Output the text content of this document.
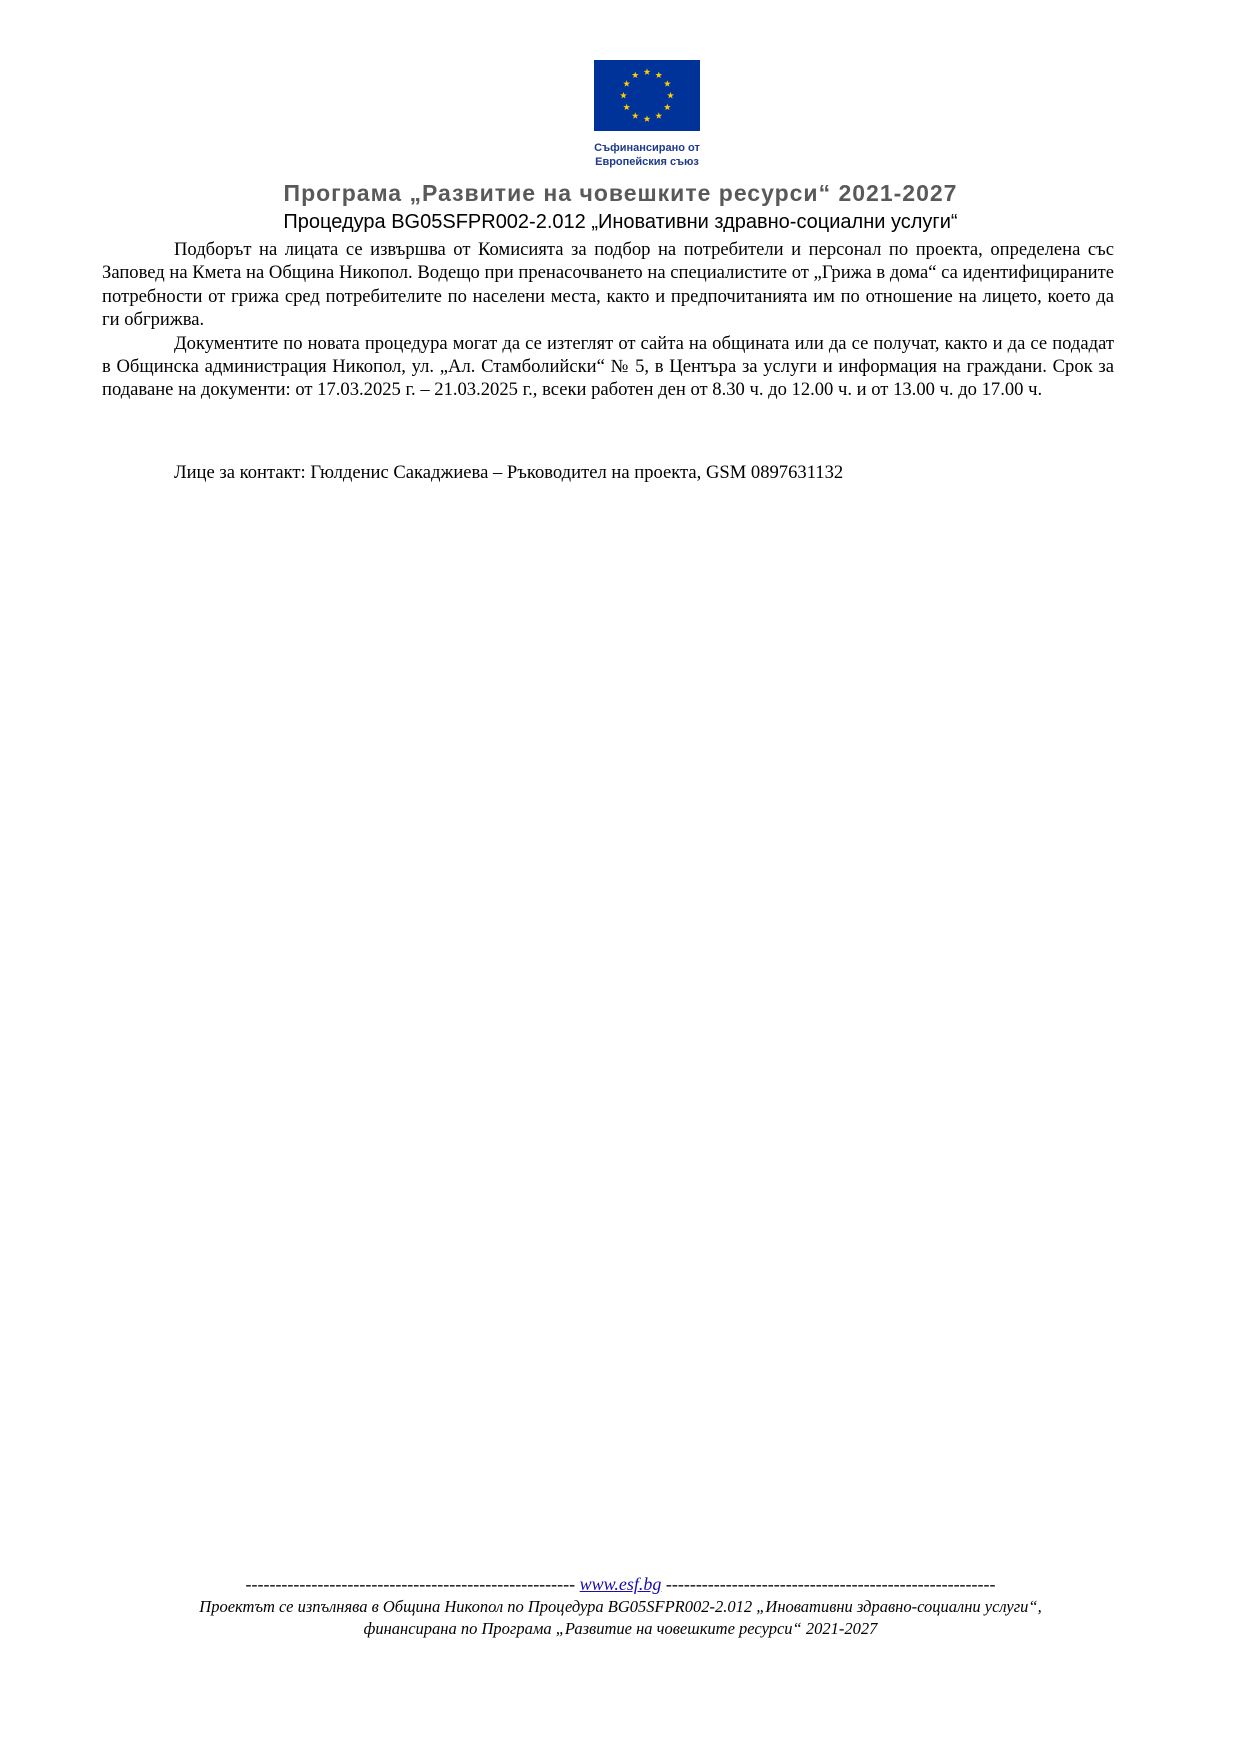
Съфинансирано от
Европейския съюз
Програма „Развитие на човешките ресурси“ 2021-2027
Процедура BG05SFPR002-2.012 „Иновативни здравно-социални услуги“

Подборът на лицата се извършва от Комисията за подбор на потребители и персонал по проекта, определена със Заповед на Кмета на Община Никопол. Водещо при пренасочването на специалистите от „Грижа в дома“ са идентифицираните потребности от грижа сред потребителите по населени места, както и предпочитанията им по отношение на лицето, което да ги обгрижва.

Документите по новата процедура могат да се изтеглят от сайта на общината или да се получат, както и да се подадат в Общинска администрация Никопол, ул. „Ал. Стамболийски“ № 5, в Центъра за услуги и информация на граждани. Срок за подаване на документи: от 17.03.2025 г. – 21.03.2025 г., всеки работен ден от 8.30 ч. до 12.00 ч. и от 13.00 ч. до 17.00 ч.

Лице за контакт: Гюлденис Сакаджиева – Ръководител на проекта, GSM 0897631132
------------------------------------------------------- www.esf.bg -------------------------------------------------------
Проектът се изпълнява в Община Никопол по Процедура BG05SFPR002-2.012 „Иновативни здравно-социални услуги“,
финансирана по Програма „Развитие на човешките ресурси“ 2021-2027
